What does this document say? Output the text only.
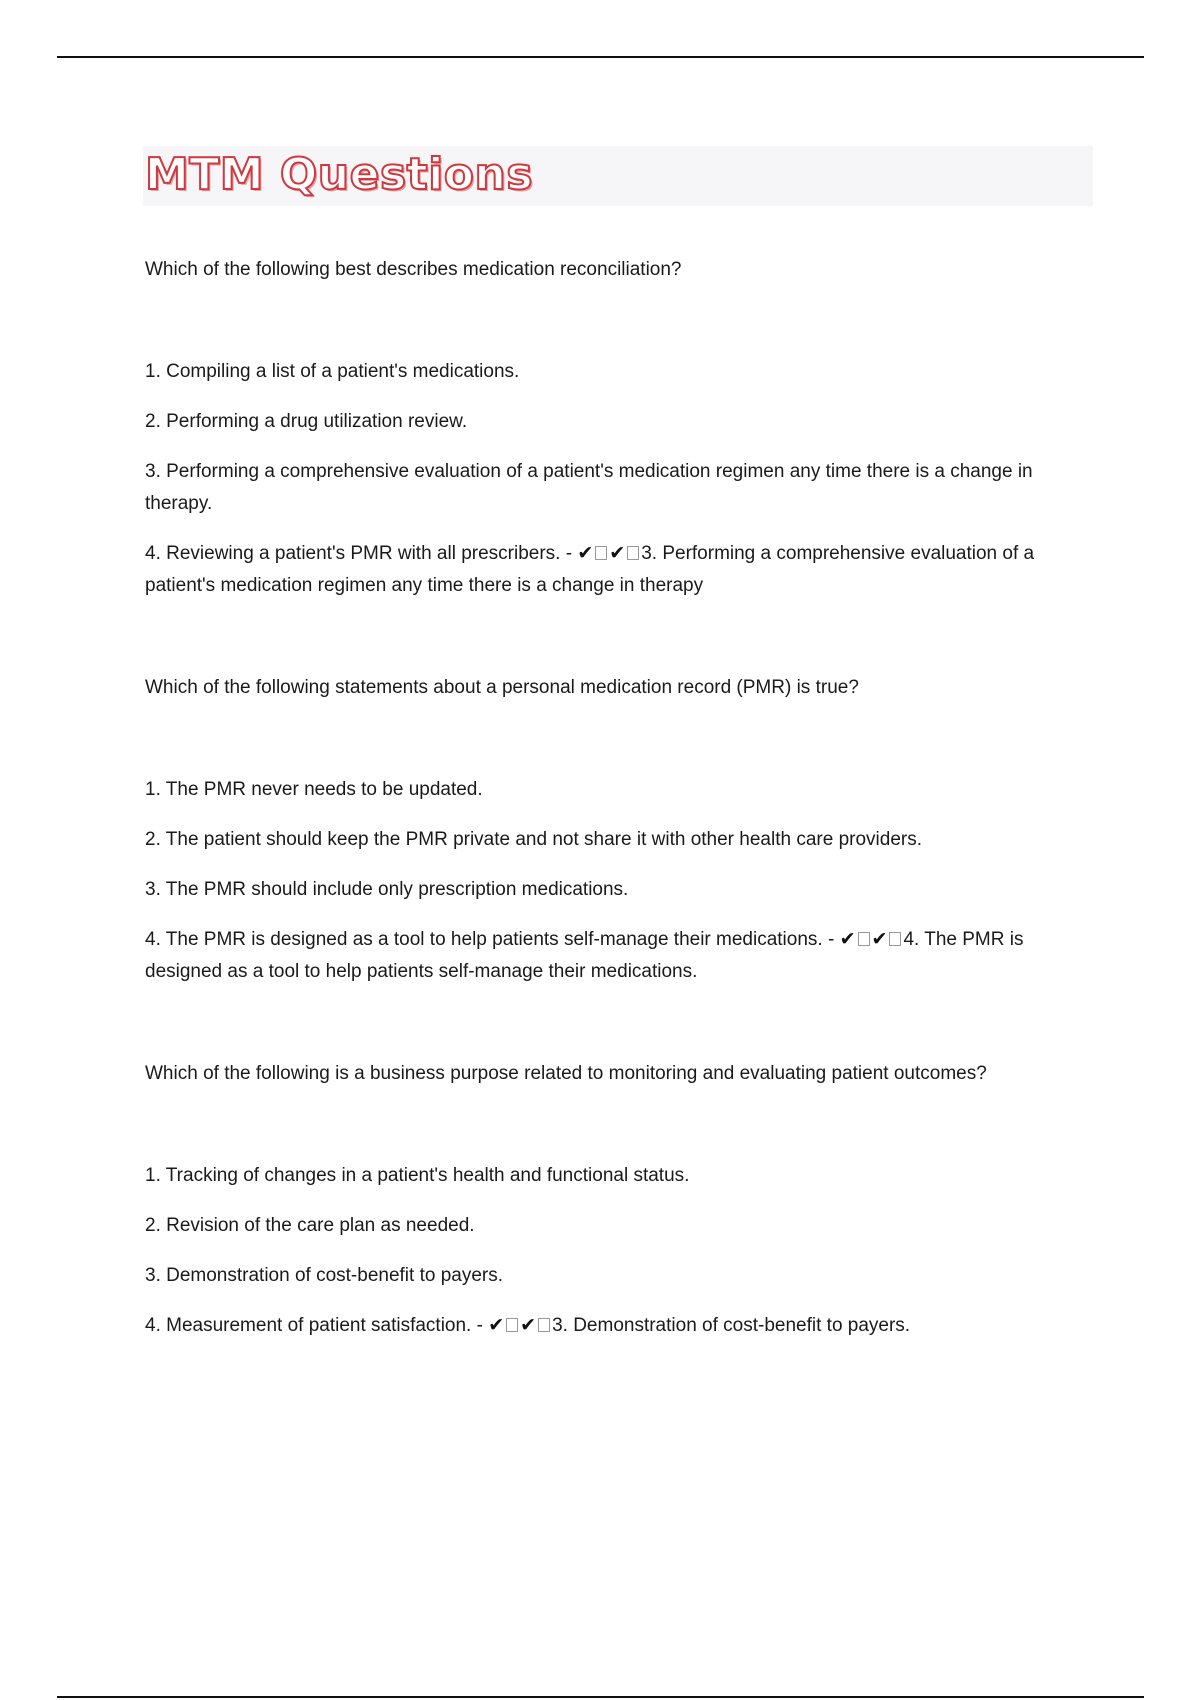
MTM Questions

Which of the following best describes medication reconciliation?

1. Compiling a list of a patient's medications.

2. Performing a drug utilization review.

3. Performing a comprehensive evaluation of a patient's medication regimen any time there is a change in therapy.

4. Reviewing a patient's PMR with all prescribers. - ✔ ✔ 3. Performing a comprehensive evaluation of a patient's medication regimen any time there is a change in therapy

Which of the following statements about a personal medication record (PMR) is true?

1. The PMR never needs to be updated.

2. The patient should keep the PMR private and not share it with other health care providers.

3. The PMR should include only prescription medications.

4. The PMR is designed as a tool to help patients self-manage their medications. - ✔ ✔ 4. The PMR is designed as a tool to help patients self-manage their medications.

Which of the following is a business purpose related to monitoring and evaluating patient outcomes?

1. Tracking of changes in a patient's health and functional status.

2. Revision of the care plan as needed.

3. Demonstration of cost-benefit to payers.

4. Measurement of patient satisfaction. - ✔ ✔ 3. Demonstration of cost-benefit to payers.
